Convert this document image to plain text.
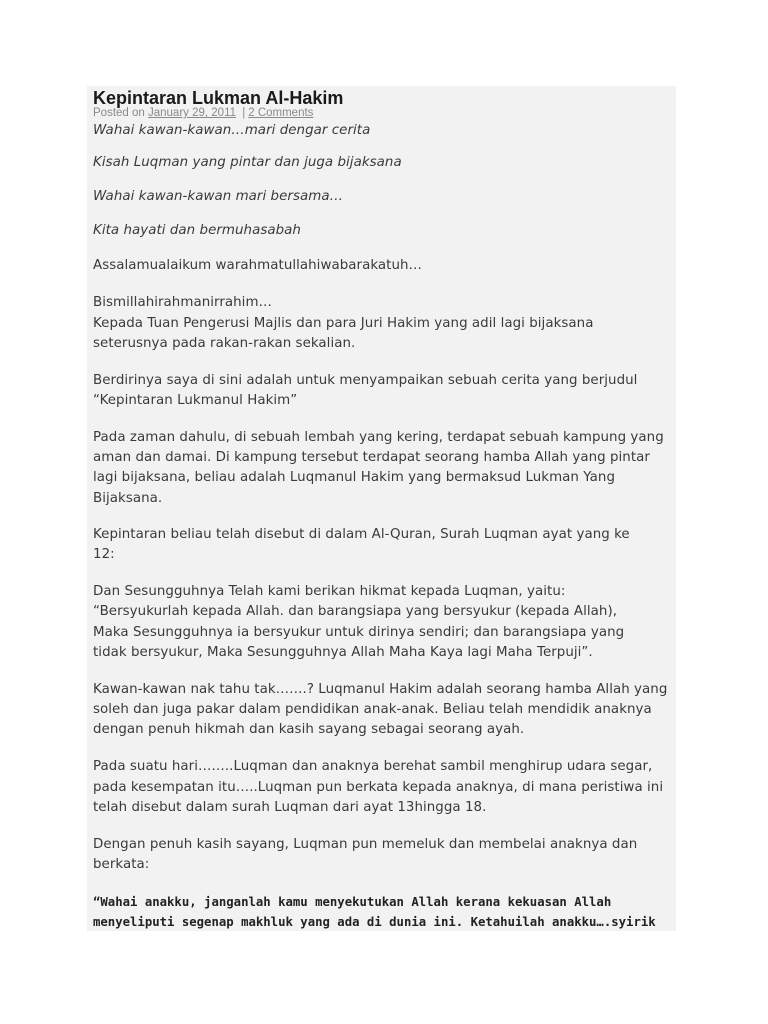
Kepintaran Lukman Al-Hakim
Posted on January 29, 2011 | 2 Comments
Wahai kawan-kawan…mari dengar cerita
Kisah Luqman yang pintar dan juga bijaksana
Wahai kawan-kawan mari bersama…
Kita hayati dan bermuhasabah
Assalamualaikum warahmatullahiwabarakatuh…
Bismillahirahmanirrahim…
Kepada Tuan Pengerusi Majlis dan para Juri Hakim yang adil lagi bijaksana
seterusnya pada rakan-rakan sekalian.
Berdirinya saya di sini adalah untuk menyampaikan sebuah cerita yang berjudul
“Kepintaran Lukmanul Hakim”
Pada zaman dahulu, di sebuah lembah yang kering, terdapat sebuah kampung yang
aman dan damai. Di kampung tersebut terdapat seorang hamba Allah yang pintar
lagi bijaksana, beliau adalah Luqmanul Hakim yang bermaksud Lukman Yang
Bijaksana.
Kepintaran beliau telah disebut di dalam Al-Quran, Surah Luqman ayat yang ke
12:
Dan Sesungguhnya Telah kami berikan hikmat kepada Luqman, yaitu:
“Bersyukurlah kepada Allah. dan barangsiapa yang bersyukur (kepada Allah),
Maka Sesungguhnya ia bersyukur untuk dirinya sendiri; dan barangsiapa yang
tidak bersyukur, Maka Sesungguhnya Allah Maha Kaya lagi Maha Terpuji”.
Kawan-kawan nak tahu tak…….? Luqmanul Hakim adalah seorang hamba Allah yang
soleh dan juga pakar dalam pendidikan anak-anak. Beliau telah mendidik anaknya
dengan penuh hikmah dan kasih sayang sebagai seorang ayah.
Pada suatu hari……..Luqman dan anaknya berehat sambil menghirup udara segar,
pada kesempatan itu…..Luqman pun berkata kepada anaknya, di mana peristiwa ini
telah disebut dalam surah Luqman dari ayat 13hingga 18.
Dengan penuh kasih sayang, Luqman pun memeluk dan membelai anaknya dan
berkata:
“Wahai anakku, janganlah kamu menyekutukan Allah kerana kekuasan Allah
menyeliputi segenap makhluk yang ada di dunia ini. Ketahuilah anakku….syirik
